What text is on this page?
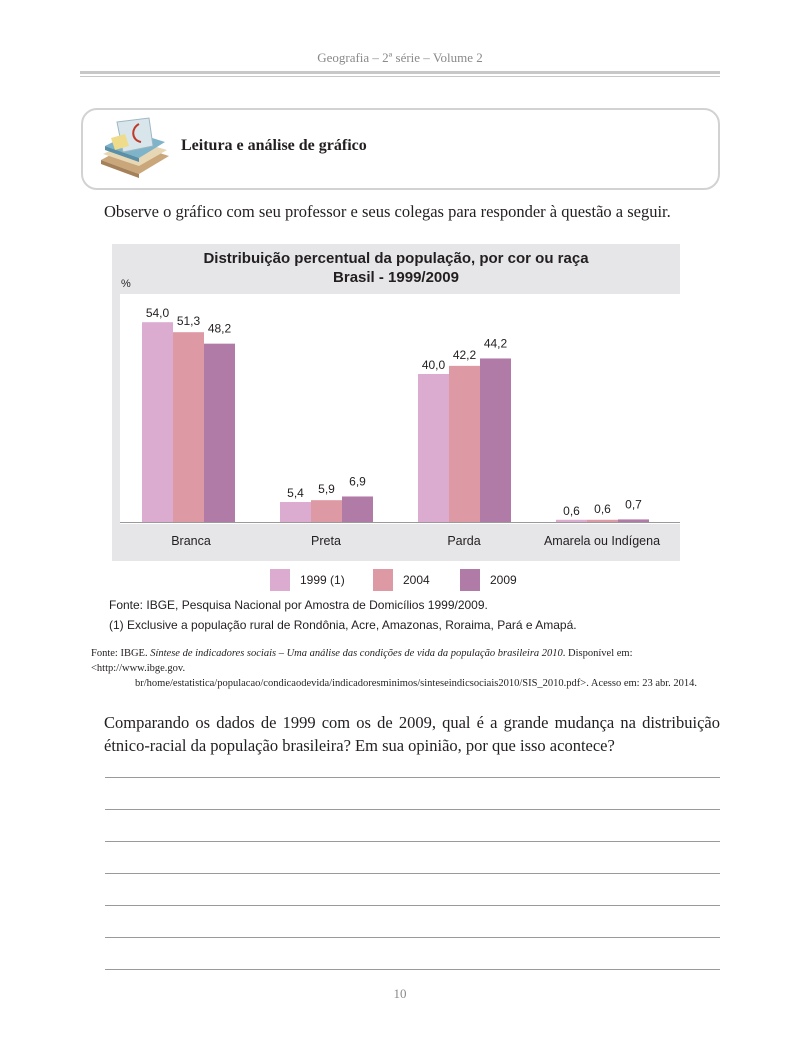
Geografia – 2ª série – Volume 2
Leitura e análise de gráfico
Observe o gráfico com seu professor e seus colegas para responder à questão a seguir.
Distribuição percentual da população, por cor ou raça
Brasil - 1999/2009
%
54,0
51,3
48,2
5,4 5,9
6,9
40,0
42,2
44,2
0,6 0,6 0,7
Branca	Preta	Parda	Amarela ou Indígena
1999 (1)	2004	2009
Fonte: IBGE, Pesquisa Nacional por Amostra de Domicílios 1999/2009.
(1) Exclusive a população rural de Rondônia, Acre, Amazonas, Roraima, Pará e Amapá.
Fonte: IBGE. Síntese de indicadores sociais – Uma análise das condições de vida da população brasileira 2010. Disponível em: <http://www.ibge.gov.
br/home/estatistica/populacao/condicaodevida/indicadoresminimos/sinteseindicsociais2010/SIS_2010.pdf>. Acesso em: 23 abr. 2014.
Comparando os dados de 1999 com os de 2009, qual é a grande mudança na distribuição étnico-racial da população brasileira? Em sua opinião, por que isso acontece?
10
